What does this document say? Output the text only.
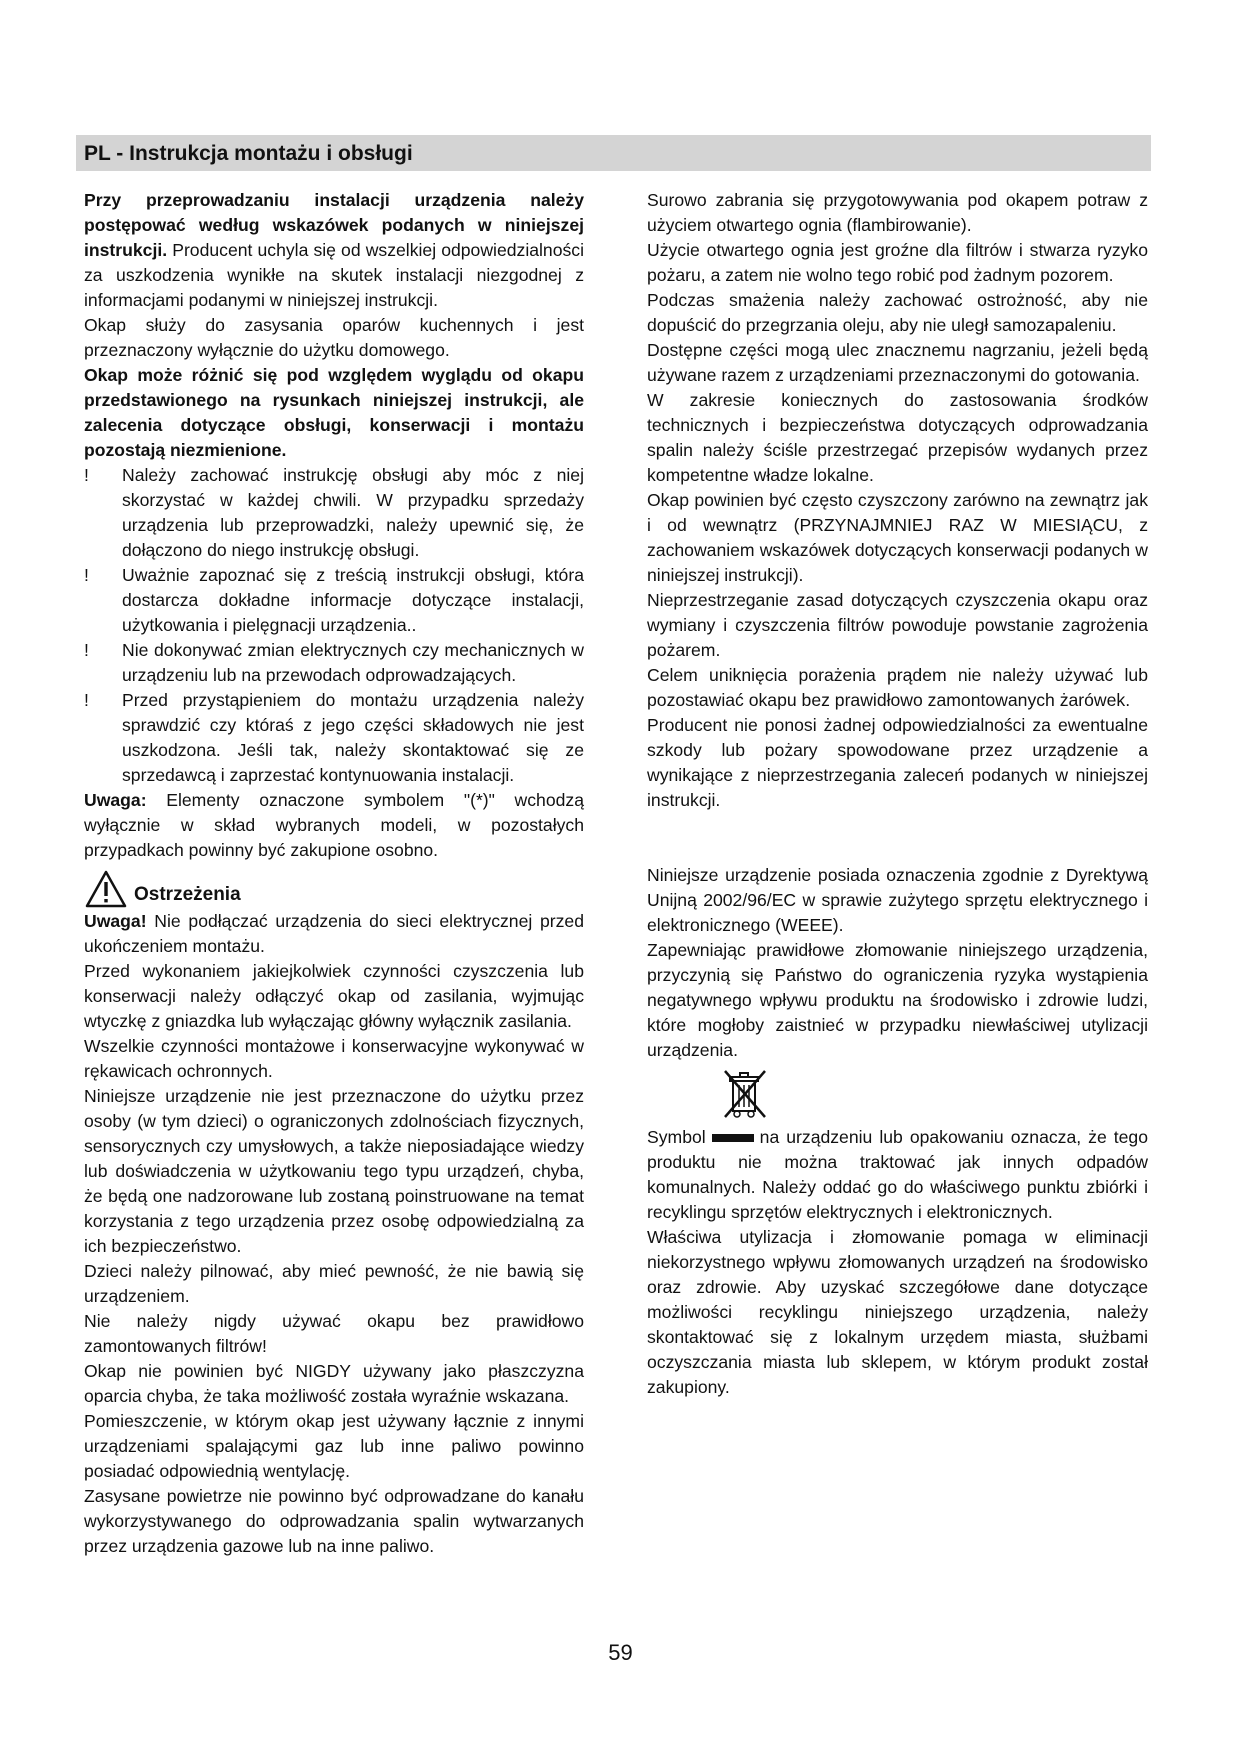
PL - Instrukcja montażu i obsługi

Przy przeprowadzaniu instalacji urządzenia należy postępować według wskazówek podanych w niniejszej instrukcji. Producent uchyla się od wszelkiej odpowiedzialności za uszkodzenia wynikłe na skutek instalacji niezgodnej z informacjami podanymi w niniejszej instrukcji.

Okap służy do zasysania oparów kuchennych i jest przeznaczony wyłącznie do użytku domowego.

Okap może różnić się pod względem wyglądu od okapu przedstawionego na rysunkach niniejszej instrukcji, ale zalecenia dotyczące obsługi, konserwacji i montażu pozostają niezmienione.

!	Należy zachować instrukcję obsługi aby móc z niej skorzystać w każdej chwili. W przypadku sprzedaży urządzenia lub przeprowadzki, należy upewnić się, że dołączono do niego instrukcję obsługi.
!	Uważnie zapoznać się z treścią instrukcji obsługi, która dostarcza dokładne informacje dotyczące instalacji, użytkowania i pielęgnacji urządzenia..
!	Nie dokonywać zmian elektrycznych czy mechanicznych w urządzeniu lub na przewodach odprowadzających.
!	Przed przystąpieniem do montażu urządzenia należy sprawdzić czy któraś z jego części składowych nie jest uszkodzona. Jeśli tak, należy skontaktować się ze sprzedawcą i zaprzestać kontynuowania instalacji.

Uwaga: Elementy oznaczone symbolem "(*)" wchodzą wyłącznie w skład wybranych modeli, w pozostałych przypadkach powinny być zakupione osobno.

Ostrzeżenia

Uwaga! Nie podłączać urządzenia do sieci elektrycznej przed ukończeniem montażu.

Przed wykonaniem jakiejkolwiek czynności czyszczenia lub konserwacji należy odłączyć okap od zasilania, wyjmując wtyczkę z gniazdka lub wyłączając główny wyłącznik zasilania.

Wszelkie czynności montażowe i konserwacyjne wykonywać w rękawicach ochronnych.

Niniejsze urządzenie nie jest przeznaczone do użytku przez osoby (w tym dzieci) o ograniczonych zdolnościach fizycznych, sensorycznych czy umysłowych, a także nieposiadające wiedzy lub doświadczenia w użytkowaniu tego typu urządzeń, chyba, że będą one nadzorowane lub zostaną poinstruowane na temat korzystania z tego urządzenia przez osobę odpowiedzialną za ich bezpieczeństwo.

Dzieci należy pilnować, aby mieć pewność, że nie bawią się urządzeniem.

Nie należy nigdy używać okapu bez prawidłowo zamontowanych filtrów!

Okap nie powinien być NIGDY używany jako płaszczyzna oparcia chyba, że taka możliwość została wyraźnie wskazana.

Pomieszczenie, w którym okap jest używany łącznie z innymi urządzeniami spalającymi gaz lub inne paliwo powinno posiadać odpowiednią wentylację.

Zasysane powietrze nie powinno być odprowadzane do kanału wykorzystywanego do odprowadzania spalin wytwarzanych przez urządzenia gazowe lub na inne paliwo.

Surowo zabrania się przygotowywania pod okapem potraw z użyciem otwartego ognia (flambirowanie).

Użycie otwartego ognia jest groźne dla filtrów i stwarza ryzyko pożaru, a zatem nie wolno tego robić pod żadnym pozorem.

Podczas smażenia należy zachować ostrożność, aby nie dopuścić do przegrzania oleju, aby nie uległ samozapaleniu.

Dostępne części mogą ulec znacznemu nagrzaniu, jeżeli będą używane razem z urządzeniami przeznaczonymi do gotowania.

W zakresie koniecznych do zastosowania środków technicznych i bezpieczeństwa dotyczących odprowadzania spalin należy ściśle przestrzegać przepisów wydanych przez kompetentne władze lokalne.

Okap powinien być często czyszczony zarówno na zewnątrz jak i od wewnątrz (PRZYNAJMNIEJ RAZ W MIESIĄCU, z zachowaniem wskazówek dotyczących konserwacji podanych w niniejszej instrukcji).

Nieprzestrzeganie zasad dotyczących czyszczenia okapu oraz wymiany i czyszczenia filtrów powoduje powstanie zagrożenia pożarem.

Celem uniknięcia porażenia prądem nie należy używać lub pozostawiać okapu bez prawidłowo zamontowanych żarówek.

Producent nie ponosi żadnej odpowiedzialności za ewentualne szkody lub pożary spowodowane przez urządzenie a wynikające z nieprzestrzegania zaleceń podanych w niniejszej instrukcji.

Niniejsze urządzenie posiada oznaczenia zgodnie z Dyrektywą Unijną 2002/96/EC w sprawie zużytego sprzętu elektrycznego i elektronicznego (WEEE).

Zapewniając prawidłowe złomowanie niniejszego urządzenia, przyczynią się Państwo do ograniczenia ryzyka wystąpienia negatywnego wpływu produktu na środowisko i zdrowie ludzi, które mogłoby zaistnieć w przypadku niewłaściwej utylizacji urządzenia.

Symbol	na urządzeniu lub opakowaniu oznacza, że tego produktu nie można traktować jak innych odpadów komunalnych. Należy oddać go do właściwego punktu zbiórki i recyklingu sprzętów elektrycznych i elektronicznych.

Właściwa utylizacja i złomowanie pomaga w eliminacji niekorzystnego wpływu złomowanych urządzeń na środowisko oraz zdrowie. Aby uzyskać szczegółowe dane dotyczące możliwości recyklingu niniejszego urządzenia, należy skontaktować się z lokalnym urzędem miasta, służbami oczyszczania miasta lub sklepem, w którym produkt został zakupiony.

59
